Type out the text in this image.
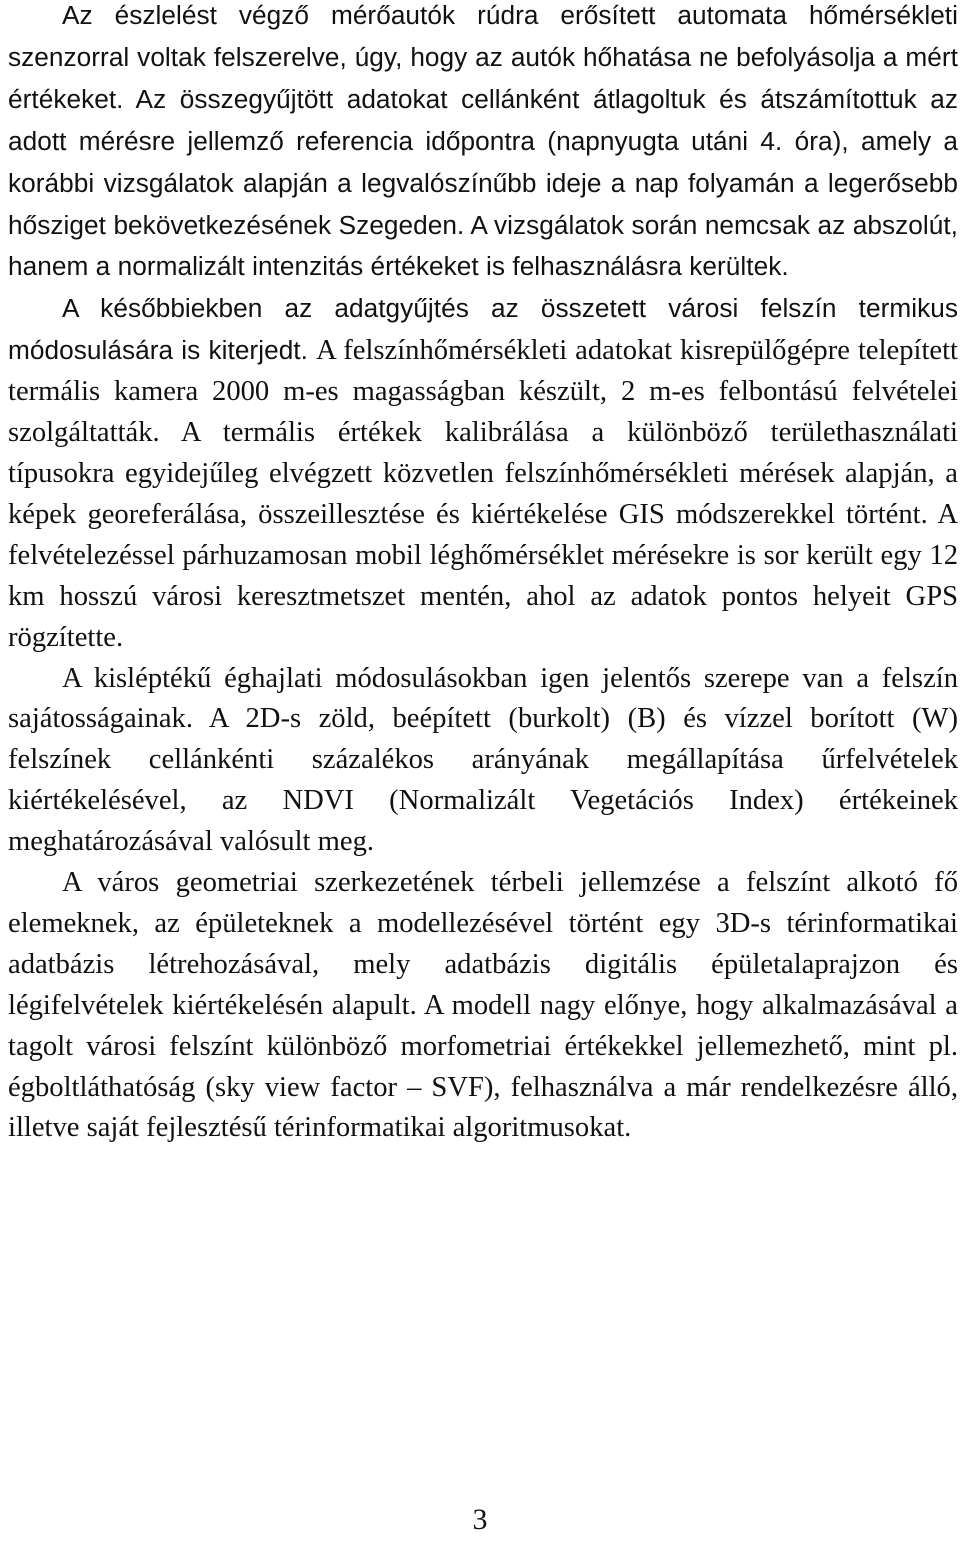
Az észlelést végző mérőautók rúdra erősített automata hőmérsékleti szenzorral voltak felszerelve, úgy, hogy az autók hőhatása ne befolyásolja a mért értékeket. Az összegyűjtött adatokat cellánként átlagoltuk és átszámítottuk az adott mérésre jellemző referencia időpontra (napnyugta utáni 4. óra), amely a korábbi vizsgálatok alapján a legvalószínűbb ideje a nap folyamán a legerősebb hősziget bekövetkezésének Szegeden. A vizsgálatok során nemcsak az abszolút, hanem a normalizált intenzitás értékeket is felhasználásra kerültek.

A későbbiekben az adatgyűjtés az összetett városi felszín termikus módosulására is kiterjedt. A felszínhőmérsékleti adatokat kisrepülőgépre telepített termális kamera 2000 m-es magasságban készült, 2 m-es felbontású felvételei szolgáltatták. A termális értékek kalibrálása a különböző területhasználati típusokra egyidejűleg elvégzett közvetlen felszínhőmérsékleti mérések alapján, a képek georeferálása, összeillesztése és kiértékelése GIS módszerekkel történt. A felvételezéssel párhuzamosan mobil léghőmérséklet mérésekre is sor került egy 12 km hosszú városi keresztmetszet mentén, ahol az adatok pontos helyeit GPS rögzítette.

A kisléptékű éghajlati módosulásokban igen jelentős szerepe van a felszín sajátosságainak. A 2D-s zöld, beépített (burkolt) (B) és vízzel borított (W) felszínek cellánkénti százalékos arányának megállapítása űrfelvételek kiértékelésével, az NDVI (Normalizált Vegetációs Index) értékeinek meghatározásával valósult meg.

A város geometriai szerkezetének térbeli jellemzése a felszínt alkotó fő elemeknek, az épületeknek a modellezésével történt egy 3D-s térinformatikai adatbázis létrehozásával, mely adatbázis digitális épületalaprajzon és légifelvételek kiértékelésén alapult. A modell nagy előnye, hogy alkalmazásával a tagolt városi felszínt különböző morfometriai értékekkel jellemezhető, mint pl. égboltláthatóság (sky view factor – SVF), felhasználva a már rendelkezésre álló, illetve saját fejlesztésű térinformatikai algoritmusokat.

3
